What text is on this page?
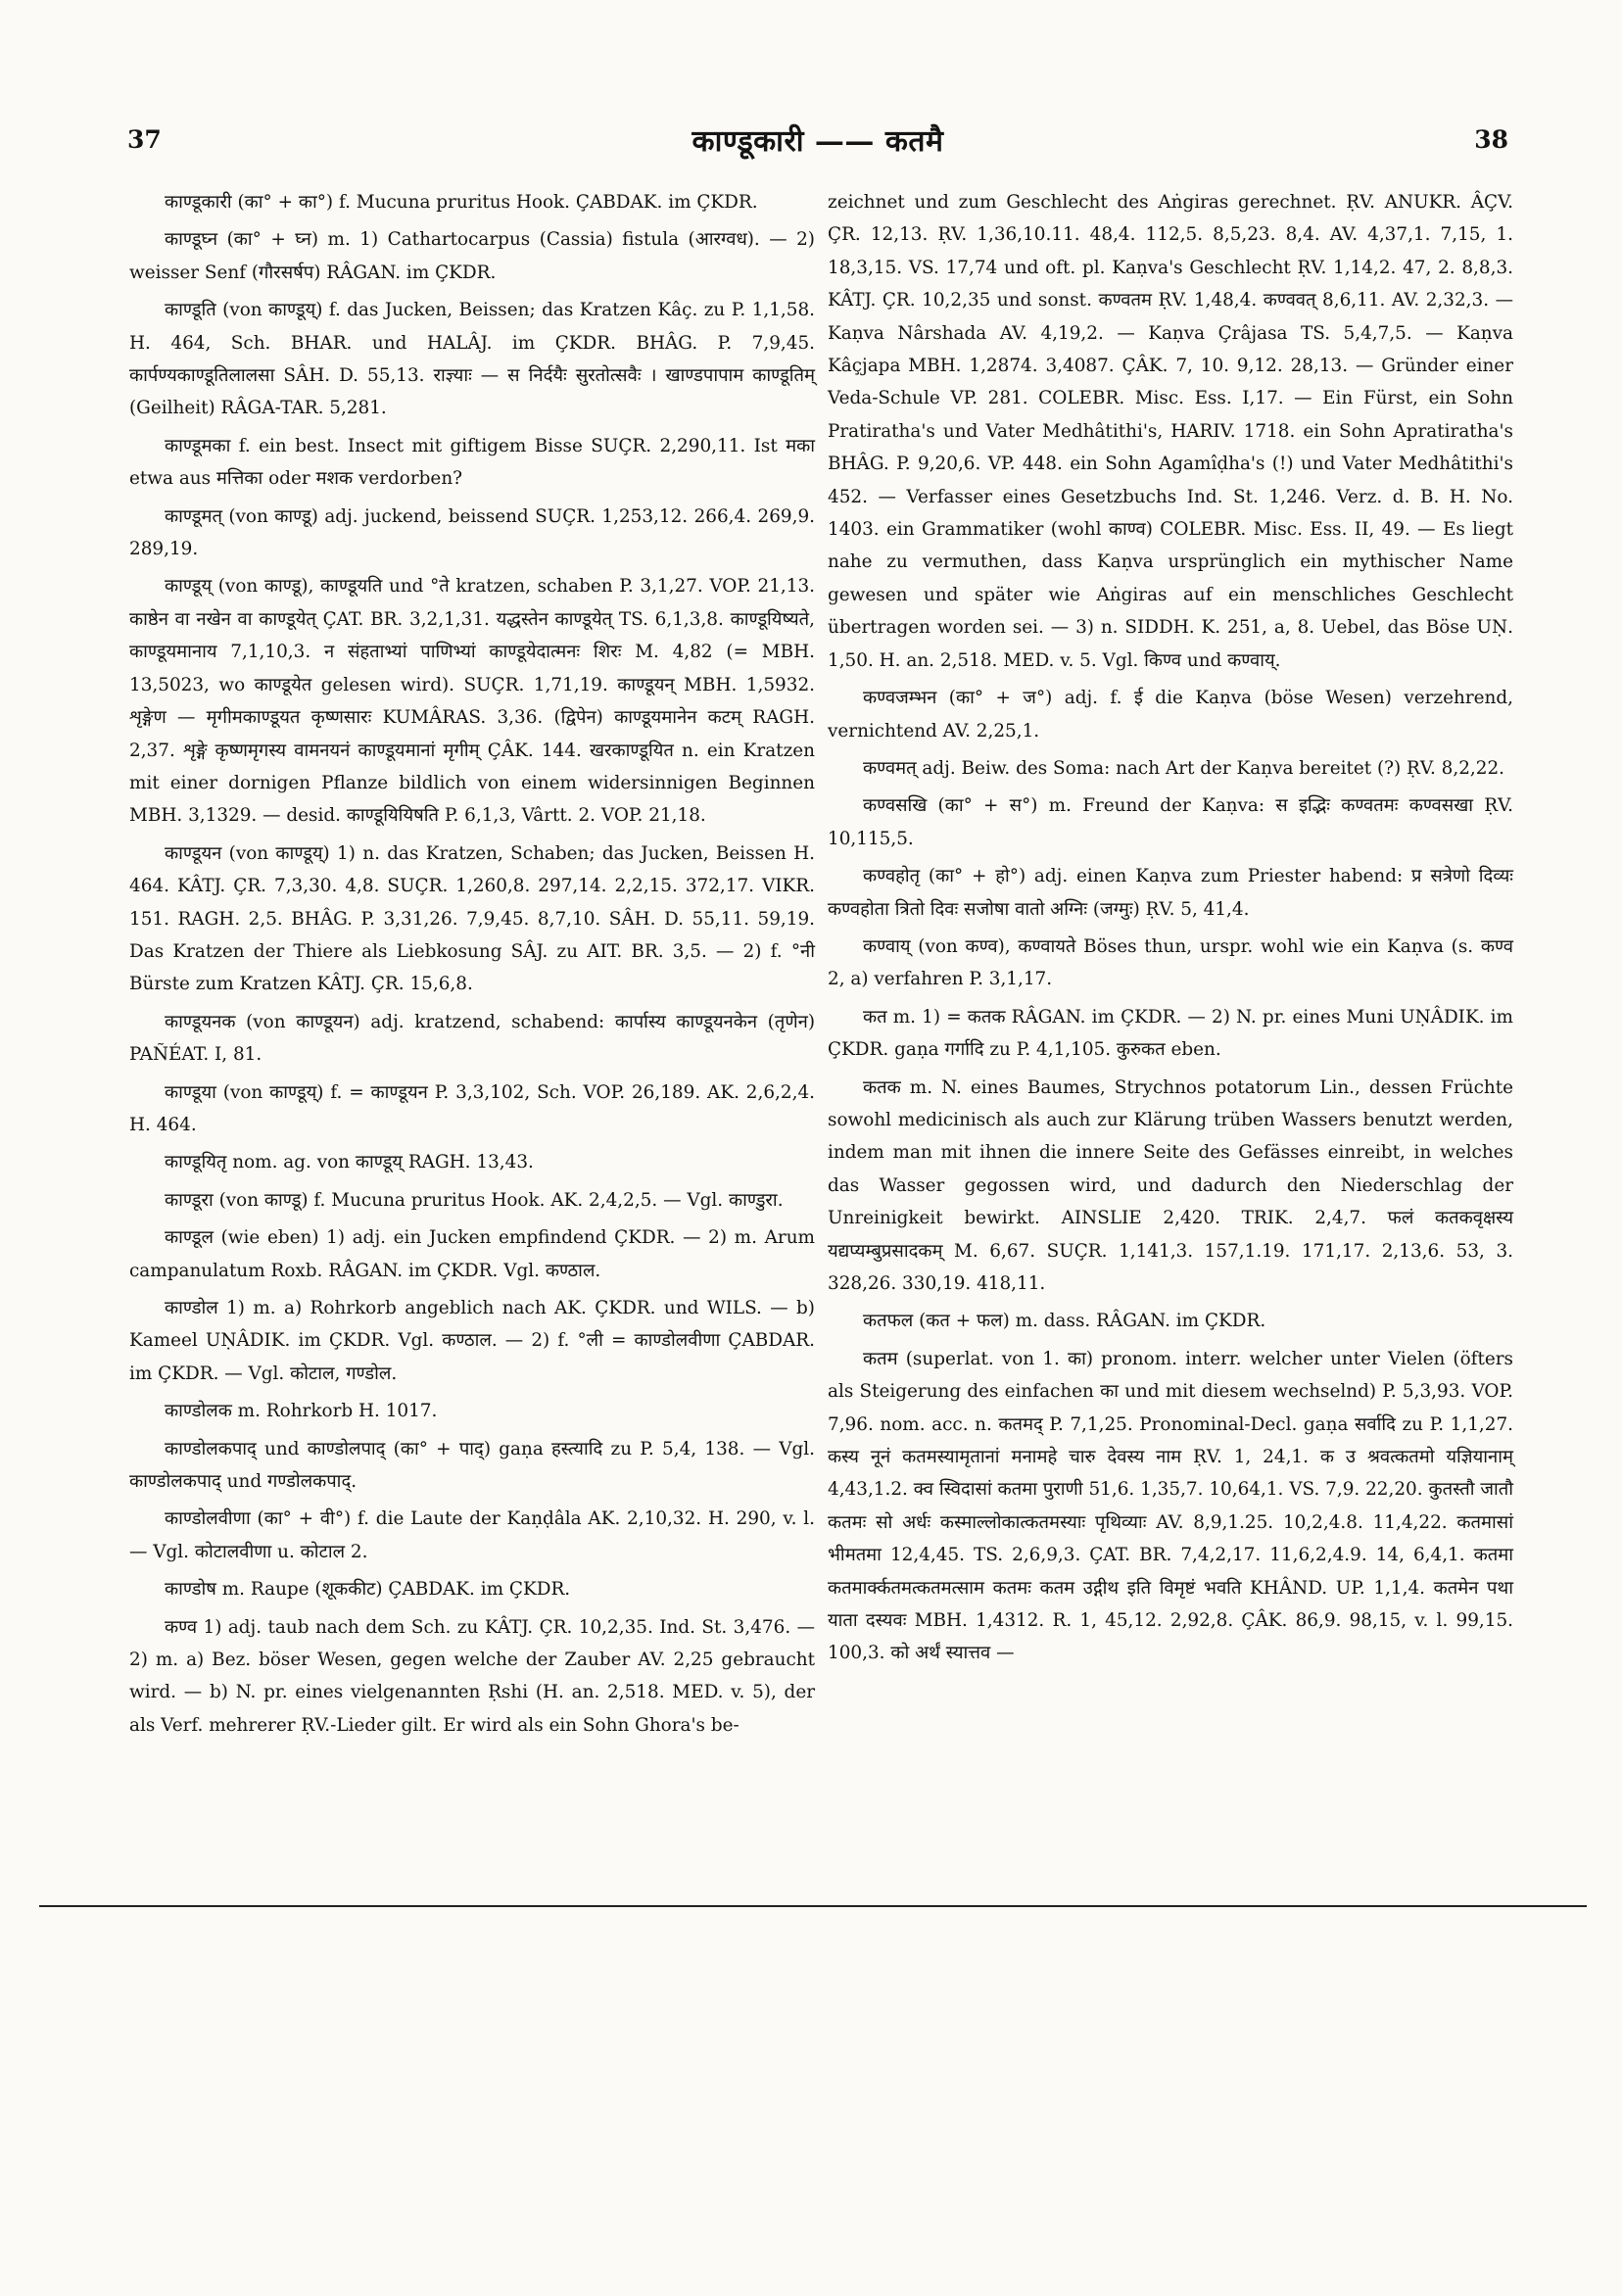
37	काण्डूकारी —— कतमै	38

काण्डूकारी (का° + का°) f. Mucuna pruritus Hook. ÇABDAK. im ÇKDR.

काण्डूघ्न (का° + घ्न) m. 1) Cathartocarpus (Cassia) fistula (आरग्वध). — 2) weisser Senf (गौरसर्षप) RÂGAN. im ÇKDR.

काण्डूति (von काण्डूय्) f. das Jucken, Beissen; das Kratzen Kâç. zu P. 1,1,58. H. 464, Sch. BHAR. und HALÂJ. im ÇKDR. BHÂG. P. 7,9,45. कार्पण्यकाण्डूतिलालसा SÂH. D. 55,13. राज्ञ्याः — स निर्दयैः सुरतोत्सवैः । खाण्डपापाम काण्डूतिम् (Geilheit) RÂGA-TAR. 5,281.

काण्डूमका f. ein best. Insect mit giftigem Bisse SUÇR. 2,290,11. Ist मका etwa aus मत्तिका oder मशक verdorben?

काण्डूमत् (von काण्डू) adj. juckend, beissend SUÇR. 1,253,12. 266,4. 269,9. 289,19.

काण्डूय् (von काण्डू), काण्डूयति und °ते kratzen, schaben P. 3,1,27. VOP. 21,13. काष्ठेन वा नखेन वा काण्डूयेत् ÇAT. BR. 3,2,1,31. यद्धस्तेन काण्डूयेत् TS. 6,1,3,8. काण्डूयिष्यते, काण्डूयमानाय 7,1,10,3. न संहताभ्यां पाणिभ्यां काण्डूयेदात्मनः शिरः M. 4,82 (= MBH. 13,5023, wo काण्डूयेत gelesen wird). SUÇR. 1,71,19. काण्डूयन् MBH. 1,5932. शृङ्गेण — मृगीमकाण्डूयत कृष्णसारः KUMÂRAS. 3,36. (द्विपेन) काण्डूयमानेन कटम् RAGH. 2,37. शृङ्गे कृष्णमृगस्य वामनयनं काण्डूयमानां मृगीम् ÇÂK. 144. खरकाण्डूयित n. ein Kratzen mit einer dornigen Pflanze bildlich von einem widersinnigen Beginnen MBH. 3,1329. — desid. काण्डूयियिषति P. 6,1,3, Vârtt. 2. VOP. 21,18.

काण्डूयन (von काण्डूय्) 1) n. das Kratzen, Schaben; das Jucken, Beissen H. 464. KÂTJ. ÇR. 7,3,30. 4,8. SUÇR. 1,260,8. 297,14. 2,2,15. 372,17. VIKR. 151. RAGH. 2,5. BHÂG. P. 3,31,26. 7,9,45. 8,7,10. SÂH. D. 55,11. 59,19. Das Kratzen der Thiere als Liebkosung SÂJ. zu AIT. BR. 3,5. — 2) f. °नी Bürste zum Kratzen KÂTJ. ÇR. 15,6,8.

काण्डूयनक (von काण्डूयन) adj. kratzend, schabend: कार्पास्य काण्डूयनकेन (तृणेन) PAÑÉAT. I, 81.

काण्डूया (von काण्डूय्) f. = काण्डूयन P. 3,3,102, Sch. VOP. 26,189. AK. 2,6,2,4. H. 464.

काण्डूयितृ nom. ag. von काण्डूय् RAGH. 13,43.

काण्डूरा (von काण्डू) f. Mucuna pruritus Hook. AK. 2,4,2,5. — Vgl. काण्डुरा.

काण्डूल (wie eben) 1) adj. ein Jucken empfindend ÇKDR. — 2) m. Arum campanulatum Roxb. RÂGAN. im ÇKDR. Vgl. कण्ठाल.

काण्डोल 1) m. a) Rohrkorb angeblich nach AK. ÇKDR. und WILS. — b) Kameel UṆÂDIK. im ÇKDR. Vgl. कण्ठाल. — 2) f. °ली = काण्डोलवीणा ÇABDAR. im ÇKDR. — Vgl. कोटाल, गण्डोल.

काण्डोलक m. Rohrkorb H. 1017.

काण्डोलकपाद् und काण्डोलपाद् (का° + पाद्) gaṇa हस्त्यादि zu P. 5,4, 138. — Vgl. काण्डोलकपाद् und गण्डोलकपाद्.

काण्डोलवीणा (का° + वी°) f. die Laute der Kaṇḍâla AK. 2,10,32. H. 290, v. l. — Vgl. कोटालवीणा u. कोटाल 2.

काण्डोष m. Raupe (शूककीट) ÇABDAK. im ÇKDR.

कण्व 1) adj. taub nach dem Sch. zu KÂTJ. ÇR. 10,2,35. Ind. St. 3,476. — 2) m. a) Bez. böser Wesen, gegen welche der Zauber AV. 2,25 gebraucht wird. — b) N. pr. eines vielgenannten Ṛshi (H. an. 2,518. MED. v. 5), der als Verf. mehrerer ṚV.-Lieder gilt. Er wird als ein Sohn Ghora's be-

zeichnet und zum Geschlecht des Aṅgiras gerechnet. ṚV. ANUKR. ÂÇV. ÇR. 12,13. ṚV. 1,36,10.11. 48,4. 112,5. 8,5,23. 8,4. AV. 4,37,1. 7,15, 1. 18,3,15. VS. 17,74 und oft. pl. Kaṇva's Geschlecht ṚV. 1,14,2. 47, 2. 8,8,3. KÂTJ. ÇR. 10,2,35 und sonst. कण्वतम ṚV. 1,48,4. कण्ववत् 8,6,11. AV. 2,32,3. — Kaṇva Nârshada AV. 4,19,2. — Kaṇva Çrâjasa TS. 5,4,7,5. — Kaṇva Kâçjapa MBH. 1,2874. 3,4087. ÇÂK. 7, 10. 9,12. 28,13. — Gründer einer Veda-Schule VP. 281. COLEBR. Misc. Ess. I,17. — Ein Fürst, ein Sohn Pratiratha's und Vater Medhâtithi's, HARIV. 1718. ein Sohn Apratiratha's BHÂG. P. 9,20,6. VP. 448. ein Sohn Agamîḍha's (!) und Vater Medhâtithi's 452. — Verfasser eines Gesetzbuchs Ind. St. 1,246. Verz. d. B. H. No. 1403. ein Grammatiker (wohl काण्व) COLEBR. Misc. Ess. II, 49. — Es liegt nahe zu vermuthen, dass Kaṇva ursprünglich ein mythischer Name gewesen und später wie Aṅgiras auf ein menschliches Geschlecht übertragen worden sei. — 3) n. SIDDH. K. 251, a, 8. Uebel, das Böse UṆ. 1,50. H. an. 2,518. MED. v. 5. Vgl. किण्व und कण्वाय्.

कण्वजम्भन (का° + ज°) adj. f. ई die Kaṇva (böse Wesen) verzehrend, vernichtend AV. 2,25,1.

कण्वमत् adj. Beiw. des Soma: nach Art der Kaṇva bereitet (?) ṚV. 8,2,22.

कण्वसखि (का° + स°) m. Freund der Kaṇva: स इद्भिः कण्वतमः कण्वसखा ṚV. 10,115,5.

कण्वहोतृ (का° + हो°) adj. einen Kaṇva zum Priester habend: प्र सत्रेणो दिव्यः कण्वहोता त्रितो दिवः सजोषा वातो अग्निः (जग्मुः) ṚV. 5, 41,4.

कण्वाय् (von कण्व), कण्वायते Böses thun, urspr. wohl wie ein Kaṇva (s. कण्व 2, a) verfahren P. 3,1,17.

कत m. 1) = कतक RÂGAN. im ÇKDR. — 2) N. pr. eines Muni UṆÂDIK. im ÇKDR. gaṇa गर्गादि zu P. 4,1,105. कुरुकत eben.

कतक m. N. eines Baumes, Strychnos potatorum Lin., dessen Früchte sowohl medicinisch als auch zur Klärung trüben Wassers benutzt werden, indem man mit ihnen die innere Seite des Gefässes einreibt, in welches das Wasser gegossen wird, und dadurch den Niederschlag der Unreinigkeit bewirkt. AINSLIE 2,420. TRIK. 2,4,7. फलं कतकवृक्षस्य यद्यप्यम्बुप्रसादकम् M. 6,67. SUÇR. 1,141,3. 157,1.19. 171,17. 2,13,6. 53, 3. 328,26. 330,19. 418,11.

कतफल (कत + फल) m. dass. RÂGAN. im ÇKDR.

कतम (superlat. von 1. का) pronom. interr. welcher unter Vielen (öfters als Steigerung des einfachen का und mit diesem wechselnd) P. 5,3,93. VOP. 7,96. nom. acc. n. कतमद् P. 7,1,25. Pronominal-Decl. gaṇa सर्वादि zu P. 1,1,27. कस्य नूनं कतमस्यामृतानां मनामहे चारु देवस्य नाम ṚV. 1, 24,1. क उ श्रवत्कतमो यज्ञियानाम् 4,43,1.2. क्व स्विदासां कतमा पुराणी 51,6. 1,35,7. 10,64,1. VS. 7,9. 22,20. कुतस्तौ जातौ कतमः सो अर्धः कस्माल्लोकात्कतमस्याः पृथिव्याः AV. 8,9,1.25. 10,2,4.8. 11,4,22. कतमासां भीमतमा 12,4,45. TS. 2,6,9,3. ÇAT. BR. 7,4,2,17. 11,6,2,4.9. 14, 6,4,1. कतमा कतमार्क्कतमत्कतमत्साम कतमः कतम उद्गीथ इति विमृष्टं भवति KHÂND. UP. 1,1,4. कतमेन पथा याता दस्यवः MBH. 1,4312. R. 1, 45,12. 2,92,8. ÇÂK. 86,9. 98,15, v. l. 99,15. 100,3. को अर्थं स्यात्तव —
